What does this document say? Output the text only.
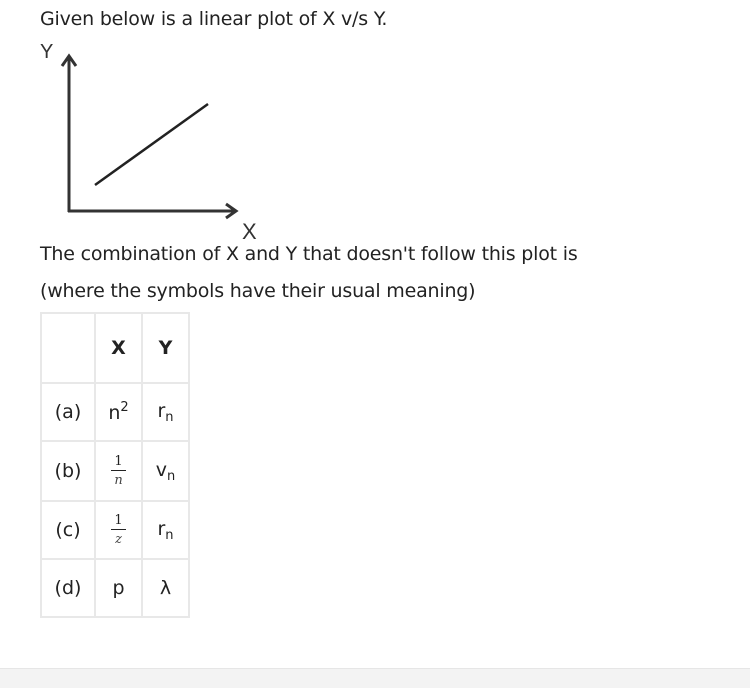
Given below is a linear plot of X v/s Y.
Y
X
The combination of X and Y that doesn't follow this plot is
(where the symbols have their usual meaning)
	X	Y
(a)	$n^2$	$r_n$
(b)	$\frac{1}{n}$	$v_n$
(c)	$\frac{1}{z}$	$r_n$
(d)	p	λ
